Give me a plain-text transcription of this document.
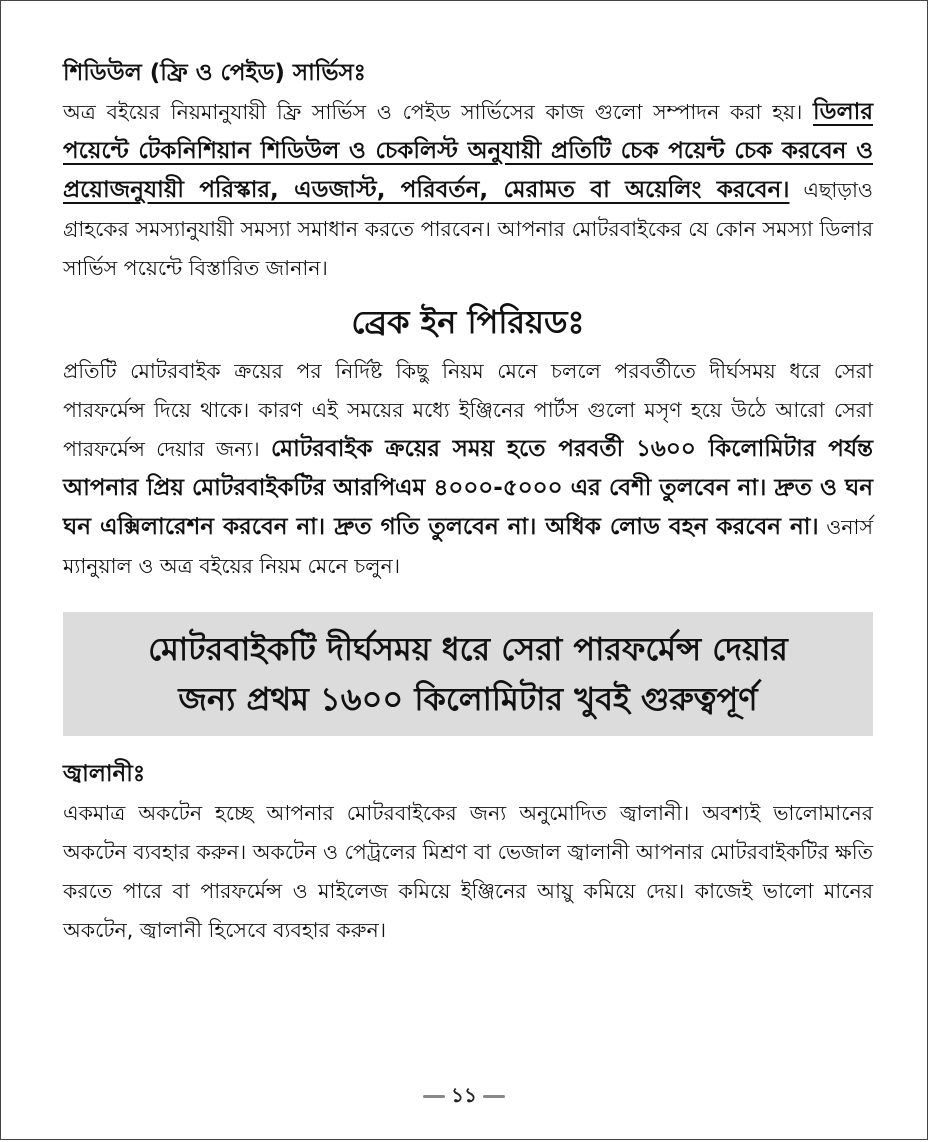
শিডিউল (ফ্রি ও পেইড) সার্ভিসঃ

অত্র বইয়ের নিয়মানুযায়ী ফ্রি সার্ভিস ও পেইড সার্ভিসের কাজ গুলো সম্পাদন করা হয়। ডিলার পয়েন্টে টেকনিশিয়ান শিডিউল ও চেকলিস্ট অনুযায়ী প্রতিটি চেক পয়েন্ট চেক করবেন ও প্রয়োজনুযায়ী পরিস্কার, এডজাস্ট, পরিবর্তন, মেরামত বা অয়েলিং করবেন। এছাড়াও গ্রাহকের সমস্যানুযায়ী সমস্যা সমাধান করতে পারবেন। আপনার মোটরবাইকের যে কোন সমস্যা ডিলার সার্ভিস পয়েন্টে বিস্তারিত জানান।

ব্রেক ইন পিরিয়ডঃ

প্রতিটি মোটরবাইক ক্রয়ের পর নির্দিষ্ট কিছু নিয়ম মেনে চললে পরবর্তীতে দীর্ঘসময় ধরে সেরা পারফর্মেন্স দিয়ে থাকে। কারণ এই সময়ের মধ্যে ইঞ্জিনের পার্টস গুলো মসৃণ হয়ে উঠে আরো সেরা পারফর্মেন্স দেয়ার জন্য। মোটরবাইক ক্রয়ের সময় হতে পরবর্তী ১৬০০ কিলোমিটার পর্যন্ত আপনার প্রিয় মোটরবাইকটির আরপিএম ৪০০০-৫০০০ এর বেশী তুলবেন না। দ্রুত ও ঘন ঘন এক্সিলারেশন করবেন না। দ্রুত গতি তুলবেন না। অধিক লোড বহন করবেন না। ওনার্স ম্যানুয়াল ও অত্র বইয়ের নিয়ম মেনে চলুন।

মোটরবাইকটি দীর্ঘসময় ধরে সেরা পারফর্মেন্স দেয়ার
জন্য প্রথম ১৬০০ কিলোমিটার খুবই গুরুত্বপূর্ণ

জ্বালানীঃ

একমাত্র অকটেন হচ্ছে আপনার মোটরবাইকের জন্য অনুমোদিত জ্বালানী। অবশ্যই ভালোমানের অকটেন ব্যবহার করুন। অকটেন ও পেট্রলের মিশ্রণ বা ভেজাল জ্বালানী আপনার মোটরবাইকটির ক্ষতি করতে পারে বা পারফর্মেন্স ও মাইলেজ কমিয়ে ইঞ্জিনের আয়ু কমিয়ে দেয়। কাজেই ভালো মানের অকটেন, জ্বালানী হিসেবে ব্যবহার করুন।

১১
